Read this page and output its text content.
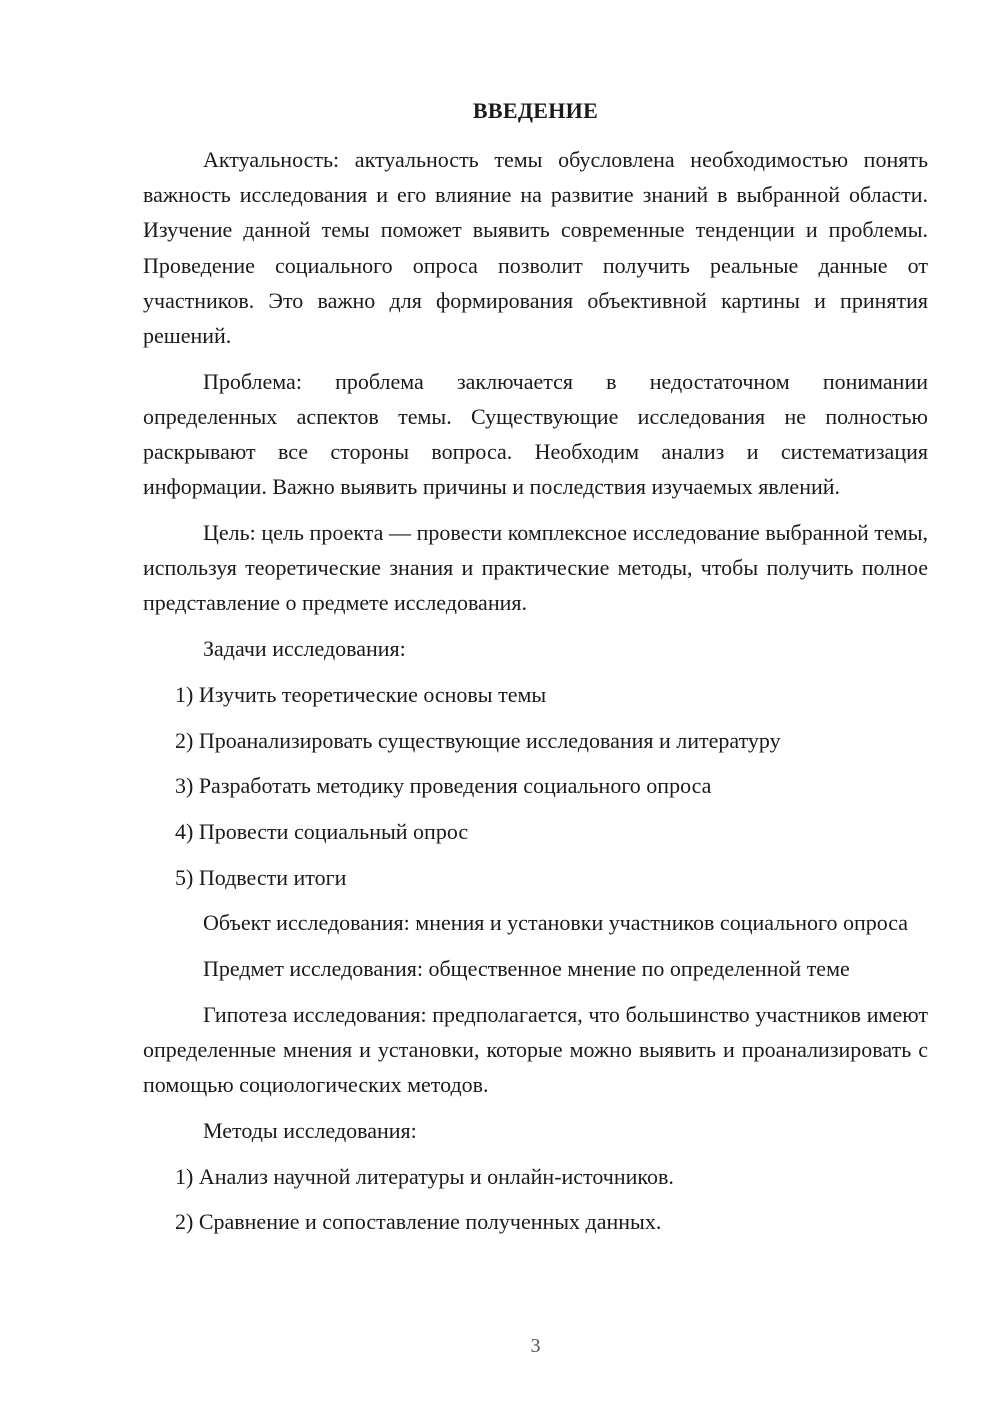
ВВЕДЕНИЕ

Актуальность: актуальность темы обусловлена необходимостью понять важность исследования и его влияние на развитие знаний в выбранной области. Изучение данной темы поможет выявить современные тенденции и проблемы. Проведение социального опроса позволит получить реальные данные от участников. Это важно для формирования объективной картины и принятия решений.

Проблема: проблема заключается в недостаточном понимании определенных аспектов темы. Существующие исследования не полностью раскрывают все стороны вопроса. Необходим анализ и систематизация информации. Важно выявить причины и последствия изучаемых явлений.

Цель: цель проекта — провести комплексное исследование выбранной темы, используя теоретические знания и практические методы, чтобы получить полное представление о предмете исследования.

Задачи исследования:

1) Изучить теоретические основы темы

2) Проанализировать существующие исследования и литературу

3) Разработать методику проведения социального опроса

4) Провести социальный опрос

5) Подвести итоги

Объект исследования: мнения и установки участников социального опроса

Предмет исследования: общественное мнение по определенной теме

Гипотеза исследования: предполагается, что большинство участников имеют определенные мнения и установки, которые можно выявить и проанализировать с помощью социологических методов.

Методы исследования:

1) Анализ научной литературы и онлайн-источников.

2) Сравнение и сопоставление полученных данных.

3
